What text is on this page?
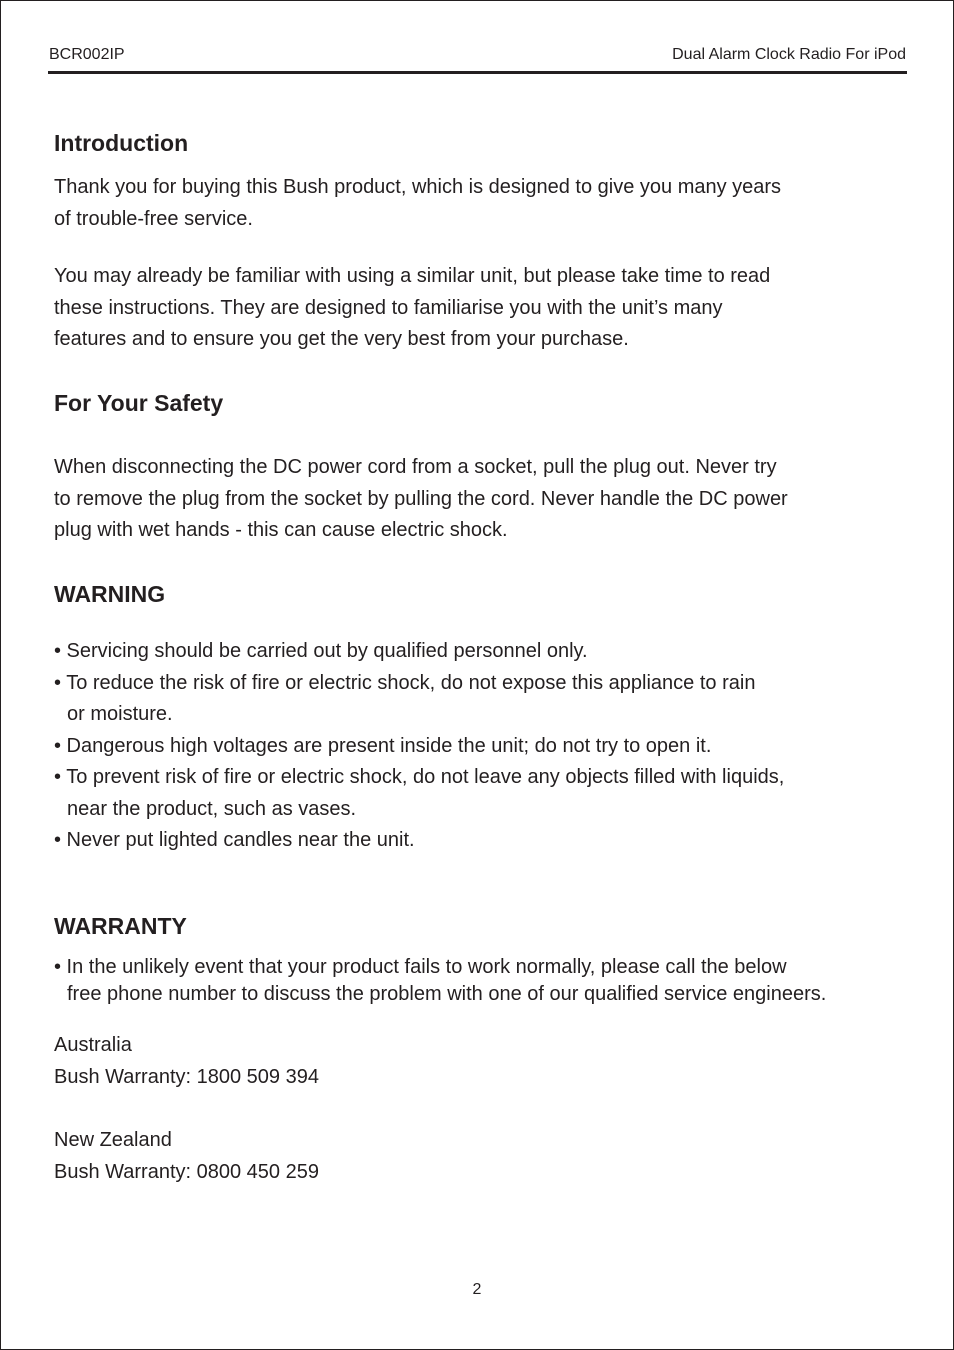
BCR002IP	Dual Alarm Clock Radio For iPod
Introduction
Thank you for buying this Bush product, which is designed to give you many years
of trouble-free service.
You may already be familiar with using a similar unit, but please take time to read
these instructions. They are designed to familiarise you with the unit’s many
features and to ensure you get the very best from your purchase.
For Your Safety
When disconnecting the DC power cord from a socket, pull the plug out. Never try
to remove the plug from the socket by pulling the cord. Never handle the DC power
plug with wet hands - this can cause electric shock.
WARNING
• Servicing should be carried out by qualified personnel only.
• To reduce the risk of fire or electric shock, do not expose this appliance to rain
or moisture.
• Dangerous high voltages are present inside the unit; do not try to open it.
• To prevent risk of fire or electric shock, do not leave any objects filled with liquids,
near the product, such as vases.
• Never put lighted candles near the unit.
WARRANTY
• In the unlikely event that your product fails to work normally, please call the below
free phone number to discuss the problem with one of our qualified service engineers.
Australia
Bush Warranty: 1800 509 394
New Zealand
Bush Warranty: 0800 450 259
2
